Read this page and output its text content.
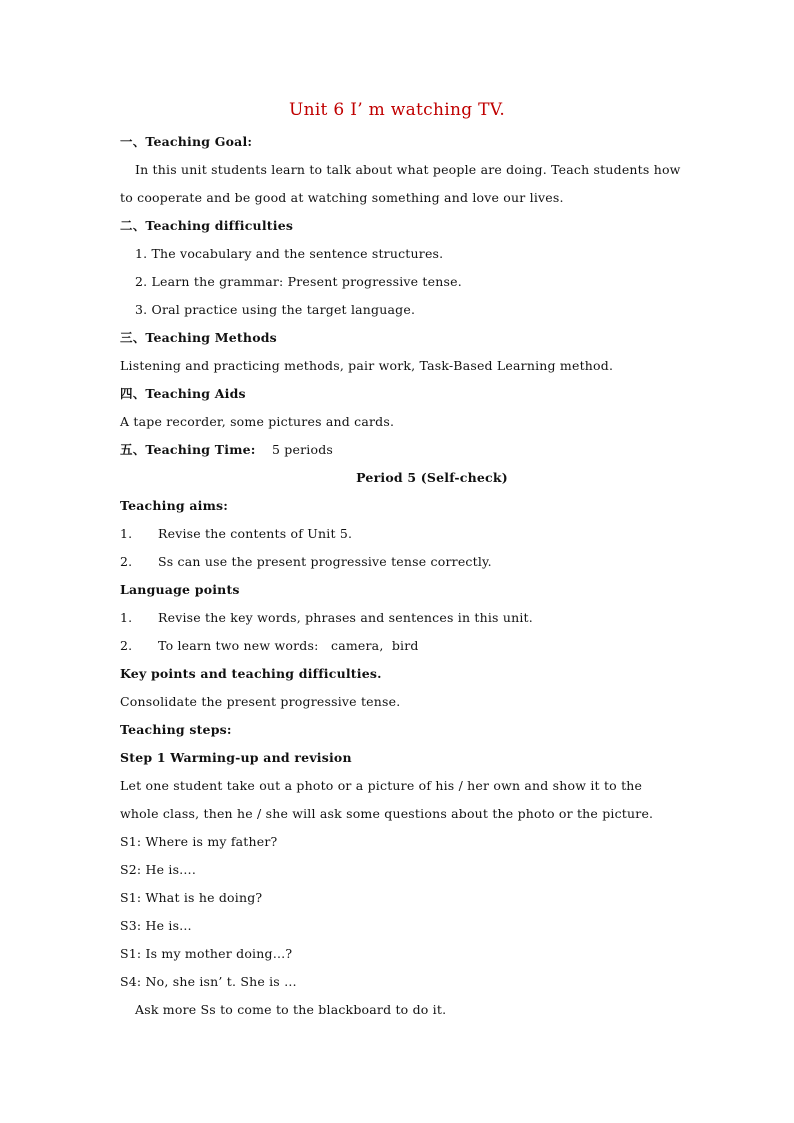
Unit 6 I’ m watching TV.
一、Teaching Goal:
In this unit students learn to talk about what people are doing. Teach students how
to cooperate and be good at watching something and love our lives.
二、Teaching difficulties
1. The vocabulary and the sentence structures.
2. Learn the grammar: Present progressive tense.
3. Oral practice using the target language.
三、Teaching Methods
Listening and practicing methods, pair work, Task-Based Learning method.
四、Teaching Aids
A tape recorder, some pictures and cards.
五、Teaching Time: 5 periods
Period 5 (Self-check)
Teaching aims:
1. Revise the contents of Unit 5.
2. Ss can use the present progressive tense correctly.
Language points
1. Revise the key words, phrases and sentences in this unit.
2. To learn two new words:   camera,  bird
Key points and teaching difficulties.
Consolidate the present progressive tense.
Teaching steps:
Step 1 Warming-up and revision
Let one student take out a photo or a picture of his / her own and show it to the
whole class, then he / she will ask some questions about the photo or the picture.
S1: Where is my father?
S2: He is….
S1: What is he doing?
S3: He is…
S1: Is my mother doing…?
S4: No, she isn’ t. She is …
Ask more Ss to come to the blackboard to do it.
